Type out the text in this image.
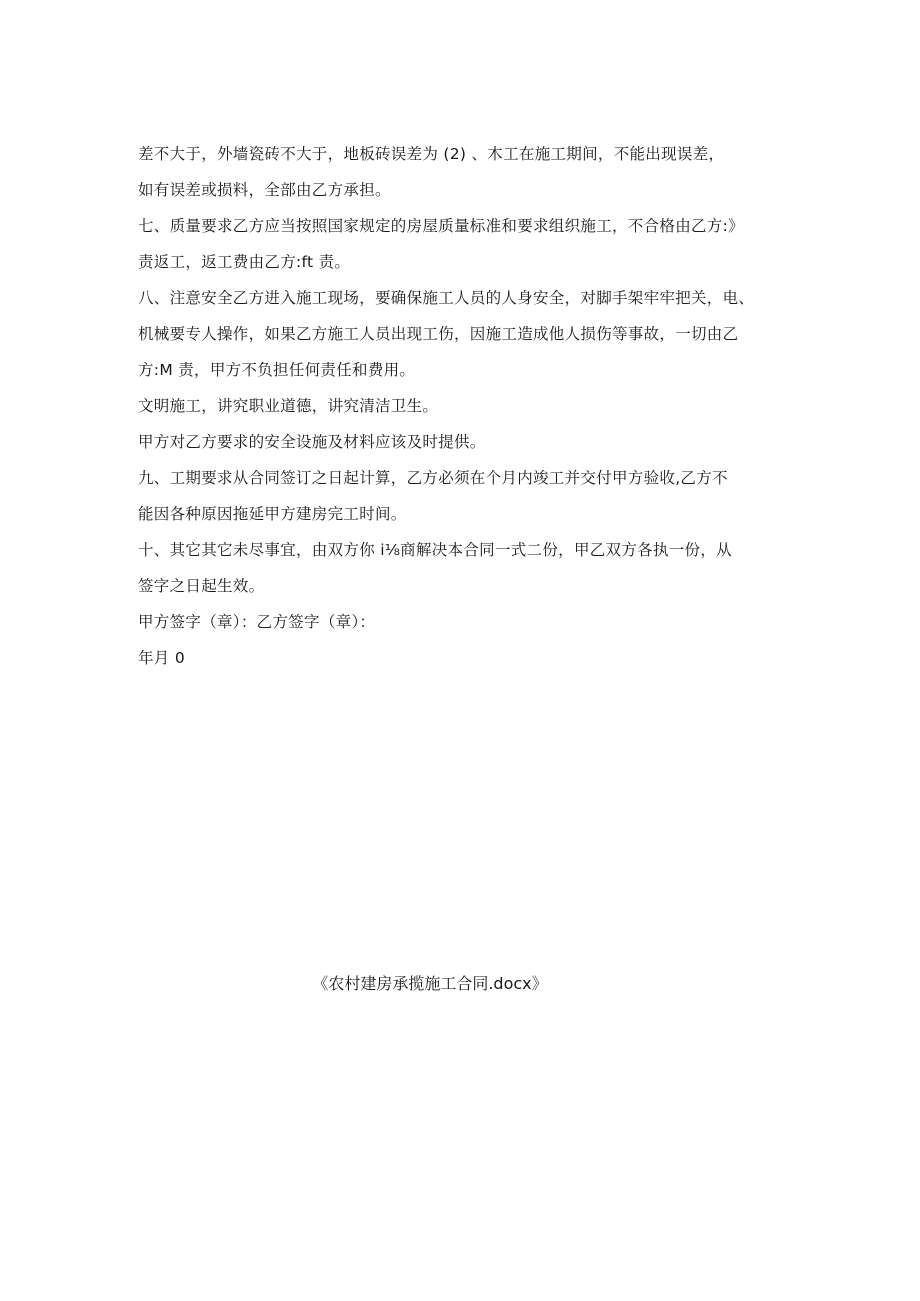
差不大于，外墙瓷砖不大于，地板砖误差为 (2) 、木工在施工期间，不能出现误差，

如有误差或损料，全部由乙方承担。

七、质量要求乙方应当按照国家规定的房屋质量标准和要求组织施工，不合格由乙方:》

责返工，返工费由乙方:ft 责。

八、注意安全乙方进入施工现场，要确保施工人员的人身安全，对脚手架牢牢把关，电、

机械要专人操作，如果乙方施工人员出现工伤，因施工造成他人损伤等事故，一切由乙

方:M 责，甲方不负担任何责任和费用。

文明施工，讲究职业道德，讲究清洁卫生。

甲方对乙方要求的安全设施及材料应该及时提供。

九、工期要求从合同签订之日起计算，乙方必须在个月内竣工并交付甲方验收,乙方不

能因各种原因拖延甲方建房完工时间。

十、其它其它未尽事宜，由双方你 i⅛商解决本合同一式二份，甲乙双方各执一份，从

签字之日起生效。

甲方签字（章）：乙方签字（章）：

年月 0

《农村建房承揽施工合同.docx》
